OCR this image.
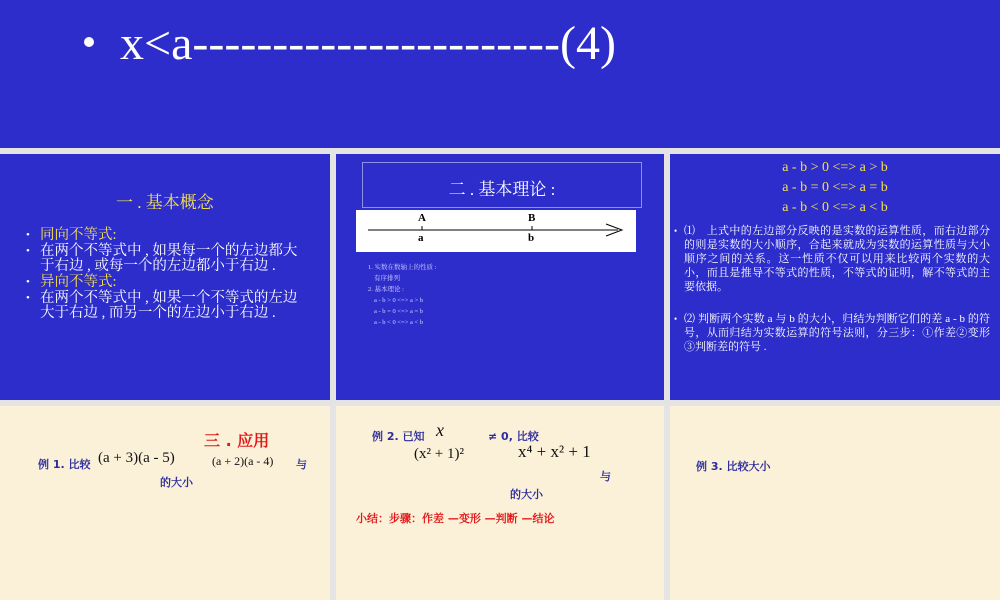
x<a-----------------------(4)
一 . 基本概念
• 同向不等式:
• 在两个不等式中 , 如果每一个的左边都大于右边 , 或每一个的左边都小于右边 .
• 异向不等式:
• 在两个不等式中 , 如果一个不等式的左边大于右边 , 而另一个的左边小于右边 .
二 . 基本理论 :
A
a
B
b
1. 实数在数轴上的性质 :
有序排列
2. 基本理论 :
a - b > 0 <=> a > b
a - b = 0 <=> a = b
a - b < 0 <=> a < b
a - b > 0 <=> a > b
a - b = 0 <=> a = b
a - b < 0 <=> a < b
• ⑴　上式中的左边部分反映的是实数的运算性质，而右边部分的则是实数的大小顺序，合起来就成为实数的运算性质与大小顺序之间的关系。这一性质不仅可以用来比较两个实数的大小，而且是推导不等式的性质，不等式的证明，解不等式的主要依据。
• ⑵ 判断两个实数 a 与 b 的大小，归结为判断它们的差 a - b 的符号，从而归结为实数运算的符号法则，分三步：①作差②变形③判断差的符号 .
三 . 应用
例 1. 比较 (a + 3)(a - 5)	(a + 2)(a - 4) 与
的大小
例 2. 已知 x	≠ 0, 比较
(x² + 1)²	x⁴ + x² + 1
与
的大小
小结：步骤：作差 —变形 —判断 —结论
例 3. 比较大小
